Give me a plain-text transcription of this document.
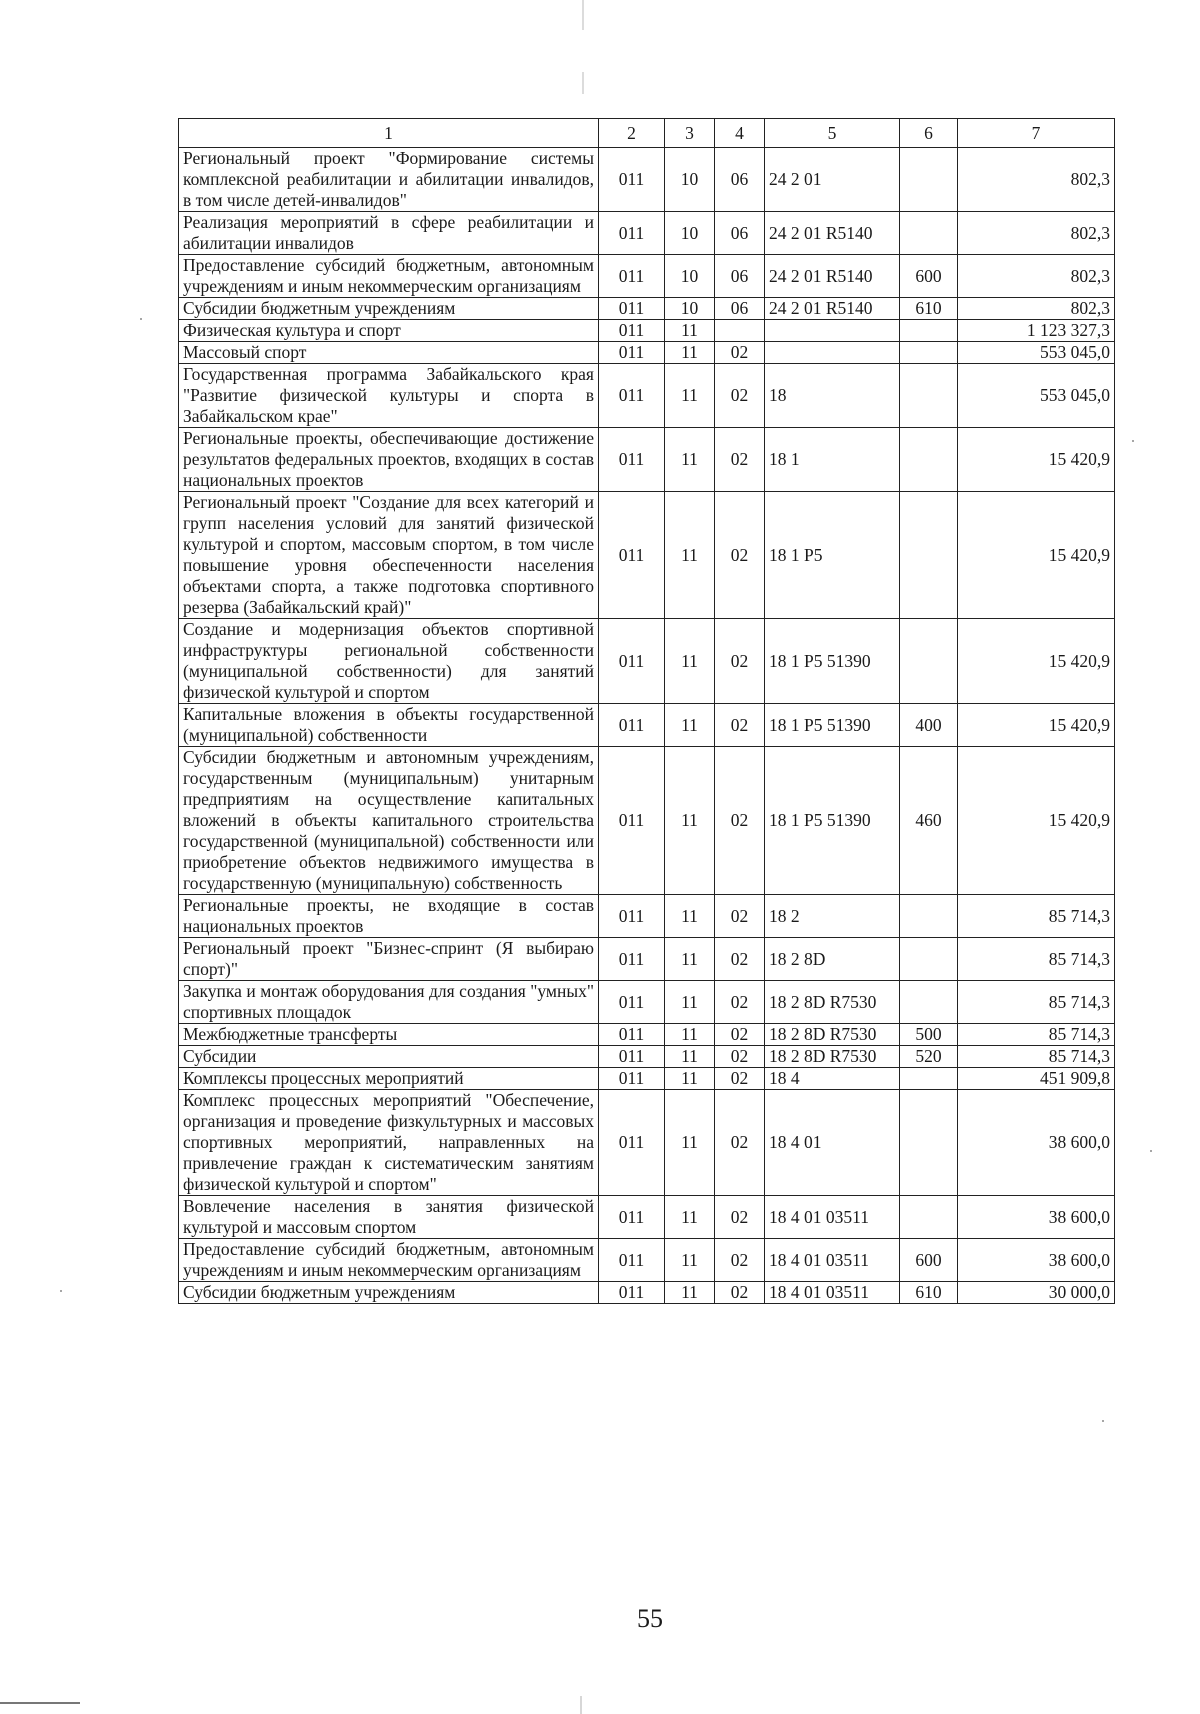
1	2	3	4	5	6	7
Региональный проект "Формирование системы комплексной реабилитации и абилитации инвалидов, в том числе детей-инвалидов"	011	10	06	24 2 01		802,3
Реализация мероприятий в сфере реабилитации и абилитации инвалидов	011	10	06	24 2 01 R5140		802,3
Предоставление субсидий бюджетным, автономным учреждениям и иным некоммерческим организациям	011	10	06	24 2 01 R5140	600	802,3
Субсидии бюджетным учреждениям	011	10	06	24 2 01 R5140	610	802,3
Физическая культура и спорт	011	11				1 123 327,3
Массовый спорт	011	11	02			553 045,0
Государственная программа Забайкальского края "Развитие физической культуры и спорта в Забайкальском крае"	011	11	02	18		553 045,0
Региональные проекты, обеспечивающие достижение результатов федеральных проектов, входящих в состав национальных проектов	011	11	02	18 1		15 420,9
Региональный проект "Создание для всех категорий и групп населения условий для занятий физической культурой и спортом, массовым спортом, в том числе повышение уровня обеспеченности населения объектами спорта, а также подготовка спортивного резерва (Забайкальский край)"	011	11	02	18 1 P5		15 420,9
Создание и модернизация объектов спортивной инфраструктуры региональной собственности (муниципальной собственности) для занятий физической культурой и спортом	011	11	02	18 1 P5 51390		15 420,9
Капитальные вложения в объекты государственной (муниципальной) собственности	011	11	02	18 1 P5 51390	400	15 420,9
Субсидии бюджетным и автономным учреждениям, государственным (муниципальным) унитарным предприятиям на осуществление капитальных вложений в объекты капитального строительства государственной (муниципальной) собственности или приобретение объектов недвижимого имущества в государственную (муниципальную) собственность	011	11	02	18 1 P5 51390	460	15 420,9
Региональные проекты, не входящие в состав национальных проектов	011	11	02	18 2		85 714,3
Региональный проект "Бизнес-спринт (Я выбираю спорт)"	011	11	02	18 2 8D		85 714,3
Закупка и монтаж оборудования для создания "умных" спортивных площадок	011	11	02	18 2 8D R7530		85 714,3
Межбюджетные трансферты	011	11	02	18 2 8D R7530	500	85 714,3
Субсидии	011	11	02	18 2 8D R7530	520	85 714,3
Комплексы процессных мероприятий	011	11	02	18 4		451 909,8
Комплекс процессных мероприятий "Обеспечение, организация и проведение физкультурных и массовых спортивных мероприятий, направленных на привлечение граждан к систематическим занятиям физической культурой и спортом"	011	11	02	18 4 01		38 600,0
Вовлечение населения в занятия физической культурой и массовым спортом	011	11	02	18 4 01 03511		38 600,0
Предоставление субсидий бюджетным, автономным учреждениям и иным некоммерческим организациям	011	11	02	18 4 01 03511	600	38 600,0
Субсидии бюджетным учреждениям	011	11	02	18 4 01 03511	610	30 000,0
55
